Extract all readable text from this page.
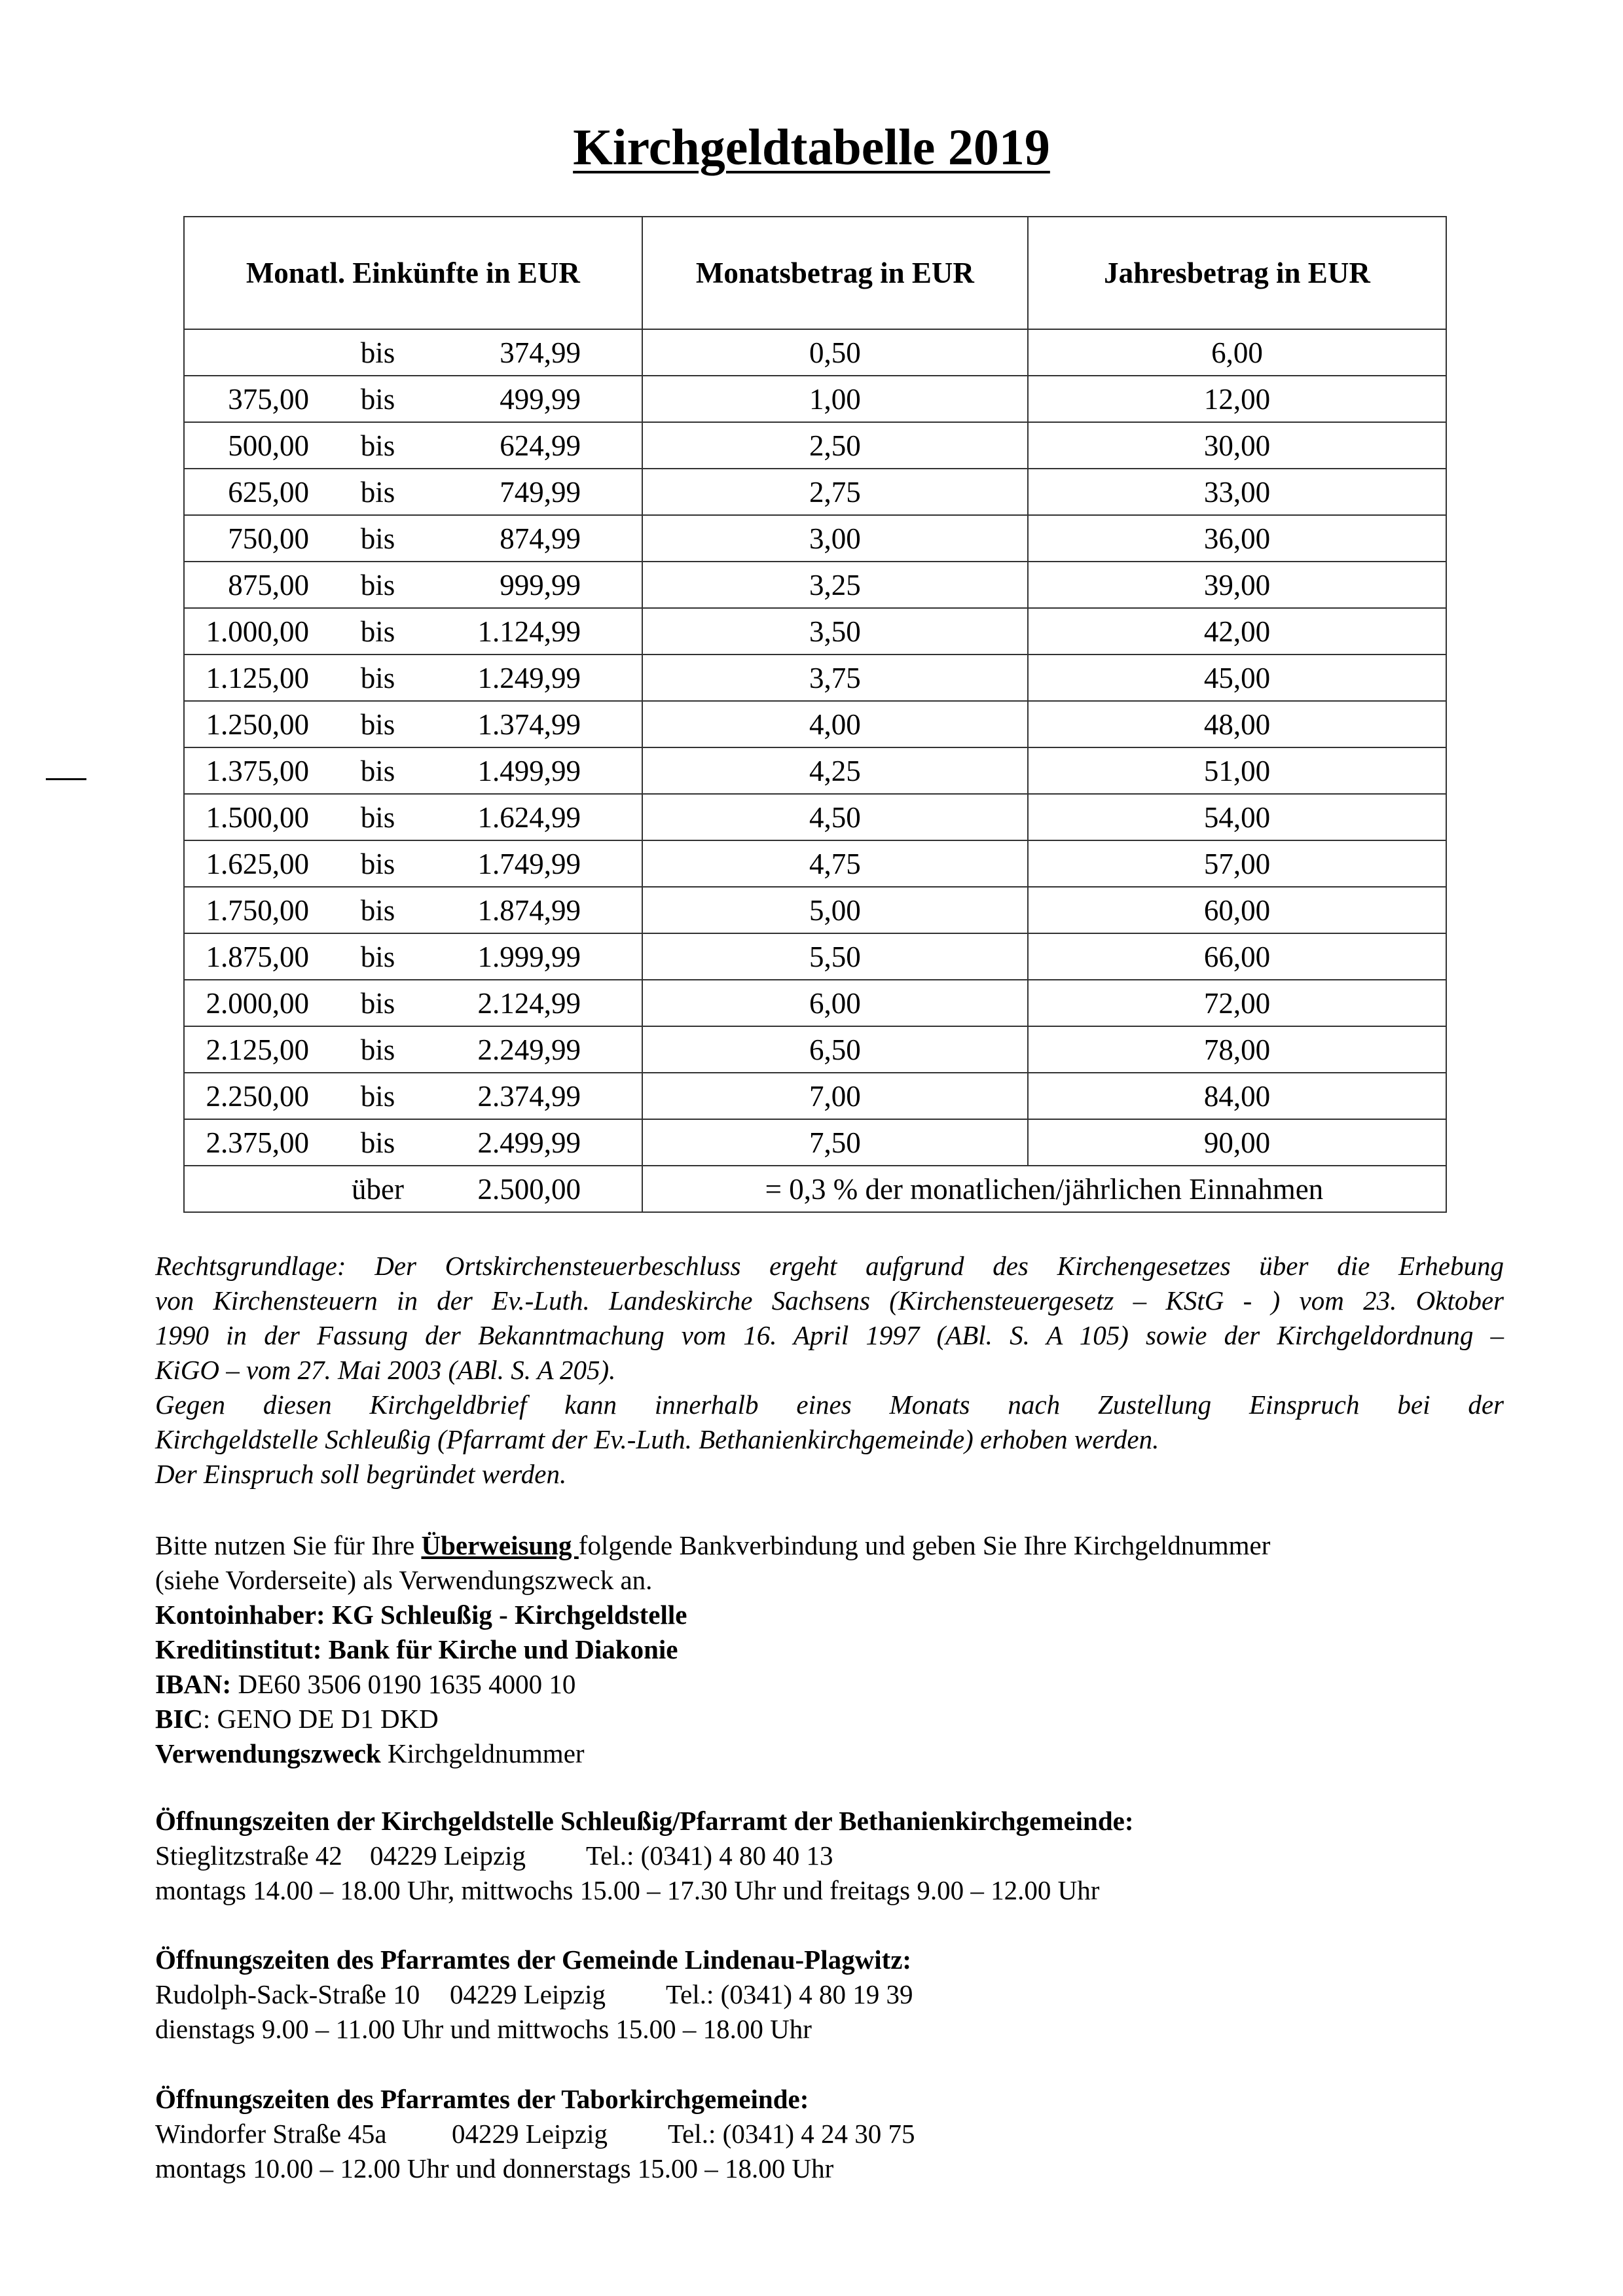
Kirchgeldtabelle 2019
Monatl. Einkünfte in EUR	Monatsbetrag in EUR	Jahresbetrag in EUR

bis 374,99	0,50	6,00

375,00 bis 499,99	1,00	12,00

500,00 bis 624,99	2,50	30,00

625,00 bis 749,99	2,75	33,00

750,00 bis 874,99	3,00	36,00

875,00 bis 999,99	3,25	39,00

1.000,00 bis 1.124,99	3,50	42,00

1.125,00 bis 1.249,99	3,75	45,00

1.250,00 bis 1.374,99	4,00	48,00

1.375,00 bis 1.499,99	4,25	51,00

1.500,00 bis 1.624,99	4,50	54,00

1.625,00 bis 1.749,99	4,75	57,00

1.750,00 bis 1.874,99	5,00	60,00

1.875,00 bis 1.999,99	5,50	66,00

2.000,00 bis 2.124,99	6,00	72,00

2.125,00 bis 2.249,99	6,50	78,00

2.250,00 bis 2.374,99	7,00	84,00

2.375,00 bis 2.499,99	7,50	90,00

über 2.500,00	= 0,3 % der monatlichen/jährlichen Einnahmen	

Rechtsgrundlage: Der Ortskirchensteuerbeschluss ergeht aufgrund des Kirchengesetzes über die Erhebung

von Kirchensteuern in der Ev.-Luth. Landeskirche Sachsens (Kirchensteuergesetz – KStG - ) vom 23. Oktober

1990 in der Fassung der Bekanntmachung vom 16. April 1997 (ABl. S. A 105) sowie der Kirchgeldordnung –

KiGO – vom 27. Mai 2003 (ABl. S. A 205).

Gegen diesen Kirchgeldbrief kann innerhalb eines Monats nach Zustellung Einspruch bei der

Kirchgeldstelle Schleußig (Pfarramt der Ev.-Luth. Bethanienkirchgemeinde) erhoben werden.

Der Einspruch soll begründet werden.

Bitte nutzen Sie für Ihre Überweisung folgende Bankverbindung und geben Sie Ihre Kirchgeldnummer

(siehe Vorderseite) als Verwendungszweck an.

Kontoinhaber: KG Schleußig - Kirchgeldstelle

Kreditinstitut: Bank für Kirche und Diakonie

IBAN: DE60 3506 0190 1635 4000 10

BIC: GENO DE D1 DKD

Verwendungszweck Kirchgeldnummer

Öffnungszeiten der Kirchgeldstelle Schleußig/Pfarramt der Bethanienkirchgemeinde:

Stieglitzstraße 42 04229 Leipzig Tel.: (0341) 4 80 40 13

montags 14.00 – 18.00 Uhr, mittwochs 15.00 – 17.30 Uhr und freitags 9.00 – 12.00 Uhr

Öffnungszeiten des Pfarramtes der Gemeinde Lindenau-Plagwitz:

Rudolph-Sack-Straße 10 04229 Leipzig Tel.: (0341) 4 80 19 39

dienstags 9.00 – 11.00 Uhr und mittwochs 15.00 – 18.00 Uhr

Öffnungszeiten des Pfarramtes der Taborkirchgemeinde:

Windorfer Straße 45a 04229 Leipzig Tel.: (0341) 4 24 30 75

montags 10.00 – 12.00 Uhr und donnerstags 15.00 – 18.00 Uhr
